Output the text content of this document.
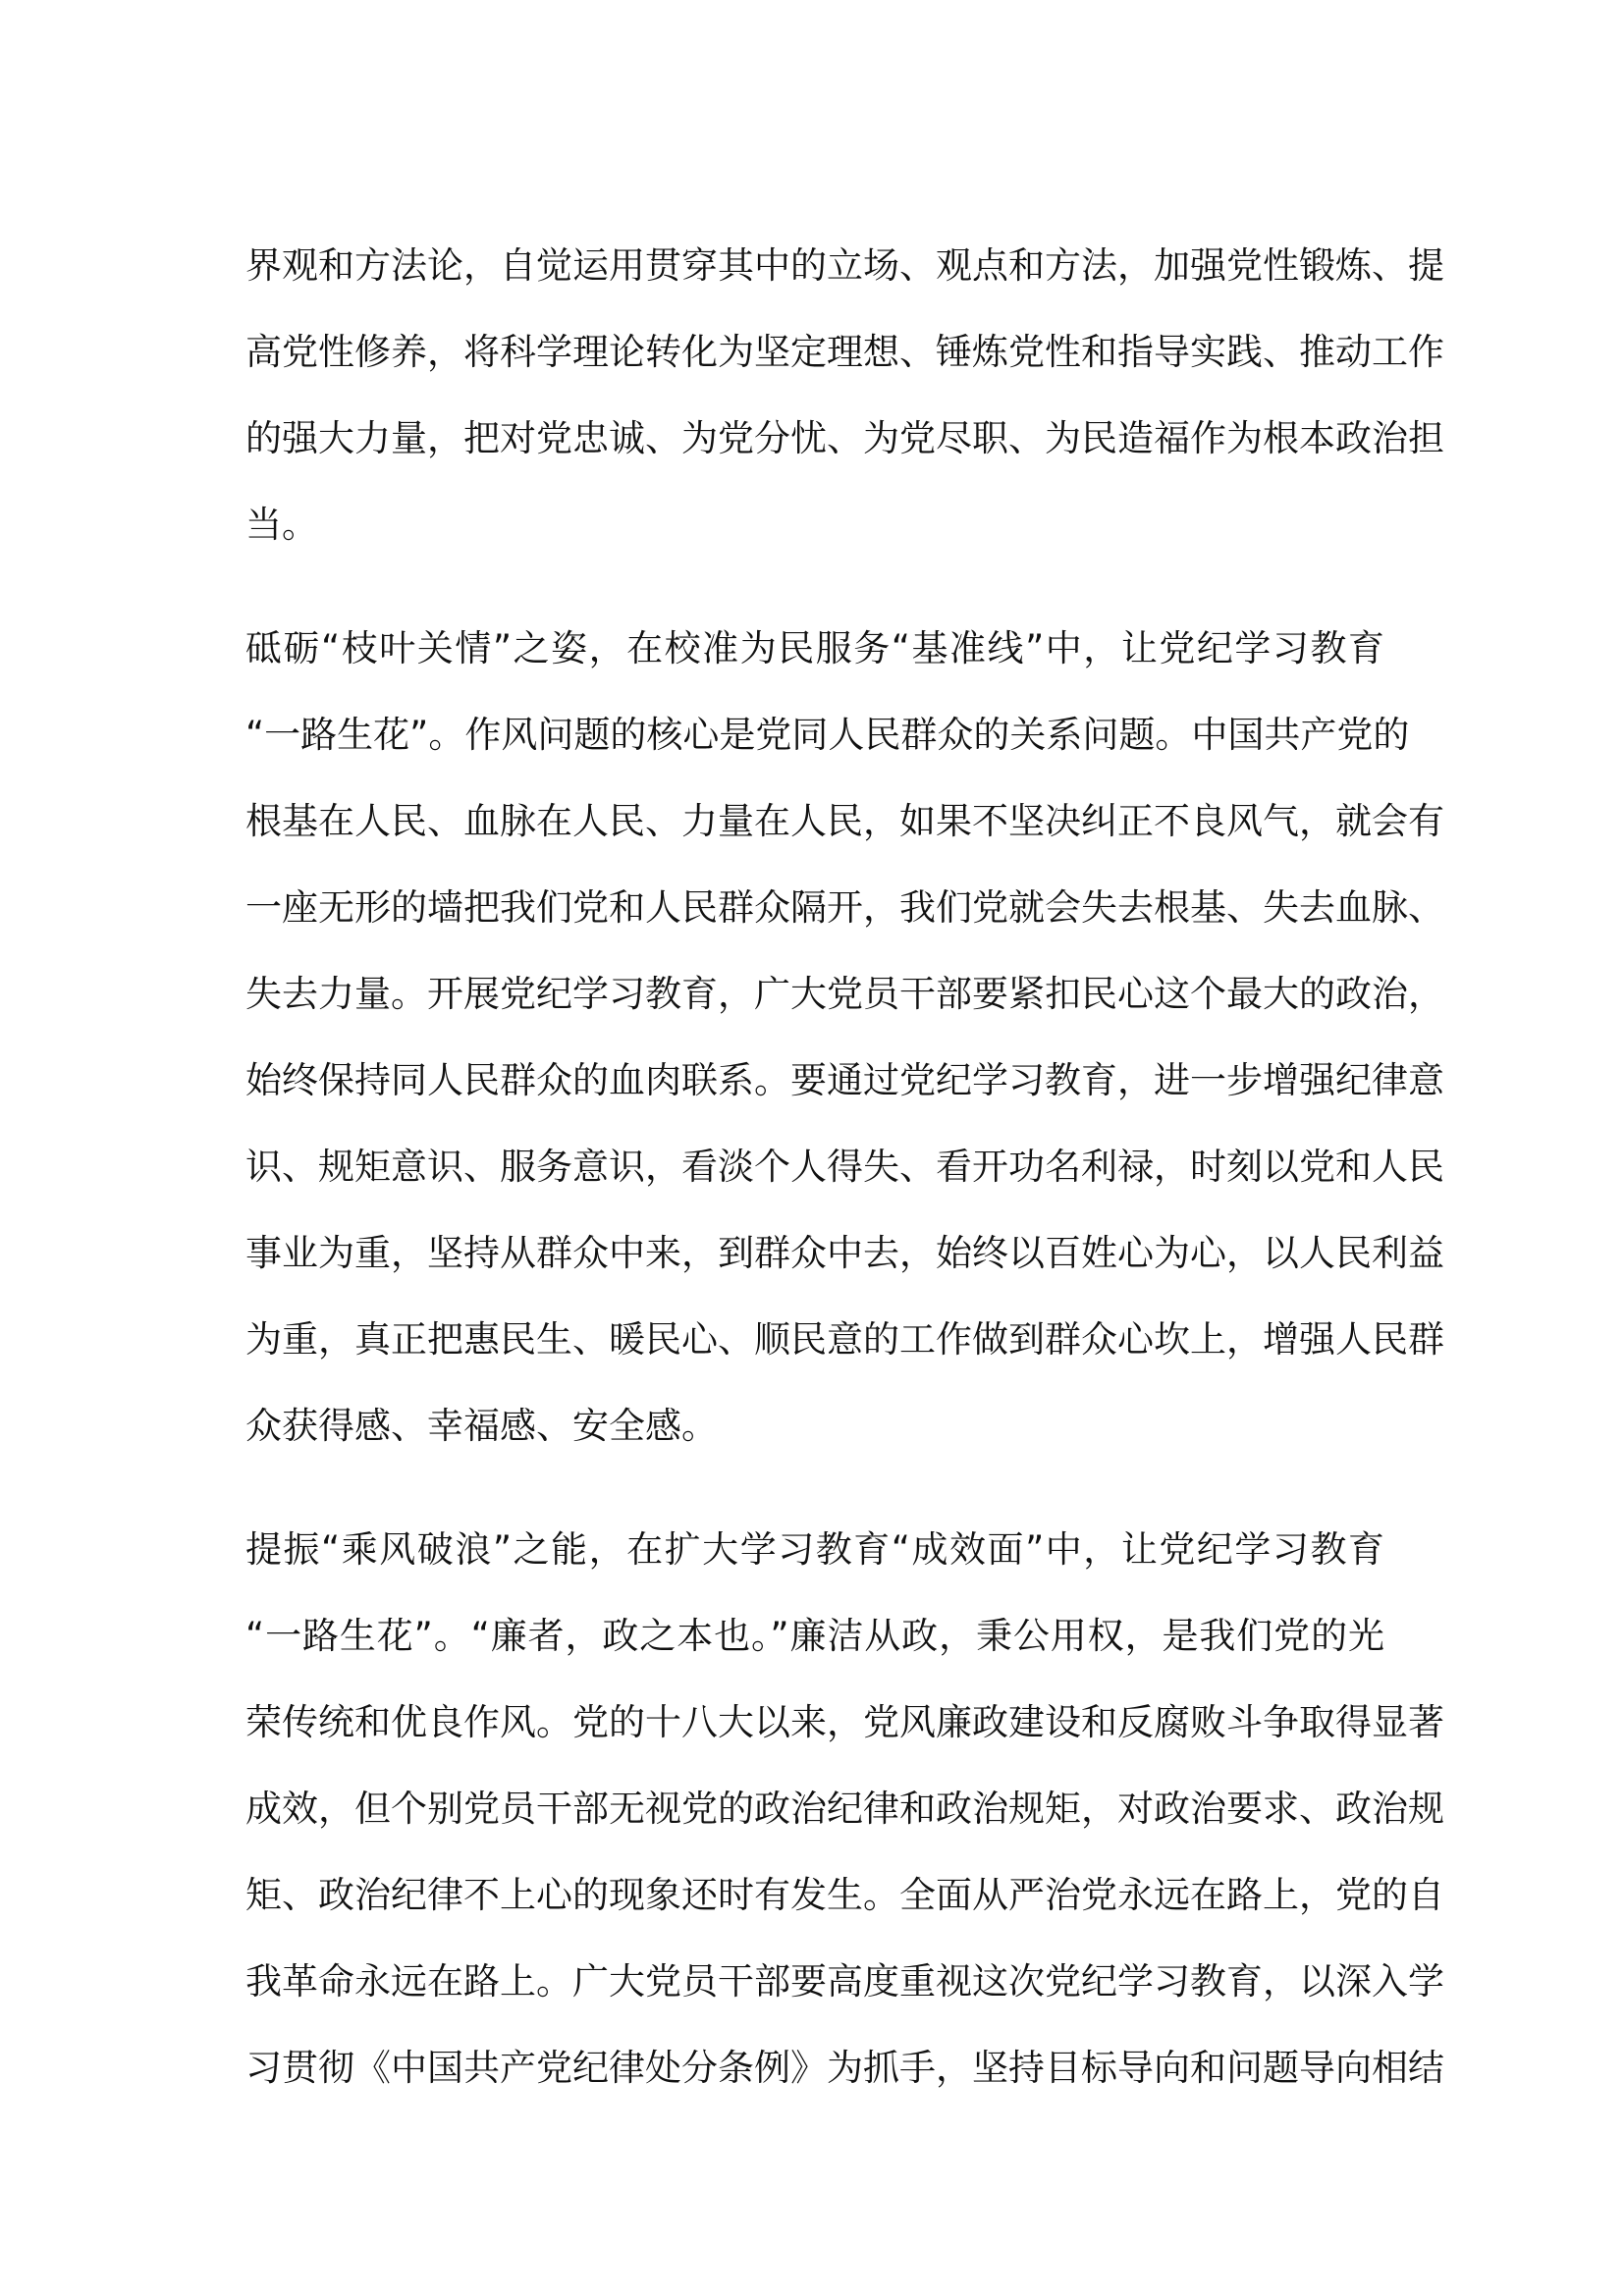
界观和方法论，自觉运用贯穿其中的立场、观点和方法，加强党性锻炼、提
高党性修养，将科学理论转化为坚定理想、锤炼党性和指导实践、推动工作
的强大力量，把对党忠诚、为党分忧、为党尽职、为民造福作为根本政治担
当。
砥砺“枝叶关情”之姿，在校准为民服务“基准线”中，让党纪学习教育
“一路生花”。作风问题的核心是党同人民群众的关系问题。中国共产党的
根基在人民、血脉在人民、力量在人民，如果不坚决纠正不良风气，就会有
一座无形的墙把我们党和人民群众隔开，我们党就会失去根基、失去血脉、
失去力量。开展党纪学习教育，广大党员干部要紧扣民心这个最大的政治，
始终保持同人民群众的血肉联系。要通过党纪学习教育，进一步增强纪律意
识、规矩意识、服务意识，看淡个人得失、看开功名利禄，时刻以党和人民
事业为重，坚持从群众中来，到群众中去，始终以百姓心为心，以人民利益
为重，真正把惠民生、暖民心、顺民意的工作做到群众心坎上，增强人民群
众获得感、幸福感、安全感。
提振“乘风破浪”之能，在扩大学习教育“成效面”中，让党纪学习教育
“一路生花”。“廉者，政之本也。”廉洁从政，秉公用权，是我们党的光
荣传统和优良作风。党的十八大以来，党风廉政建设和反腐败斗争取得显著
成效，但个别党员干部无视党的政治纪律和政治规矩，对政治要求、政治规
矩、政治纪律不上心的现象还时有发生。全面从严治党永远在路上，党的自
我革命永远在路上。广大党员干部要高度重视这次党纪学习教育，以深入学
习贯彻《中国共产党纪律处分条例》为抓手，坚持目标导向和问题导向相结
